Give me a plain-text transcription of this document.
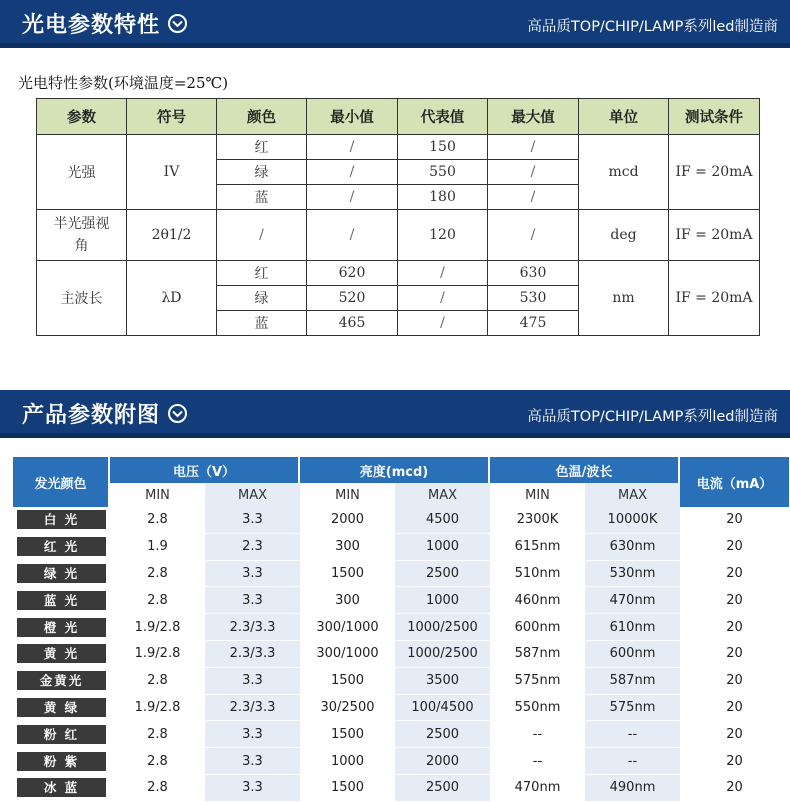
光电参数特性	高品质TOP/CHIP/LAMP系列led制造商
光电特性参数(环境温度=25℃)
参数	符号	颜色	最小值	代表值	最大值	单位	测试条件
光强	IV	红	/	150	/	mcd	IF = 20mA
		绿	/	550	/		
		蓝	/	180	/		
半光强视角	2θ1/2	/	/	120	/	deg	IF = 20mA
主波长	λD	红	620	/	630	nm	IF = 20mA
		绿	520	/	530		
		蓝	465	/	475		
产品参数附图	高品质TOP/CHIP/LAMP系列led制造商
发光颜色	电压（V）		亮度(mcd)		色温/波长		电流（mA）
	MIN	MAX	MIN	MAX	MIN	MAX	

白 光	2.8	3.3	2000	4500	2300K	10000K	20

红 光	1.9	2.3	300	1000	615nm	630nm	20

绿 光	2.8	3.3	1500	2500	510nm	530nm	20

蓝 光	2.8	3.3	300	1000	460nm	470nm	20

橙 光	1.9/2.8	2.3/3.3	300/1000	1000/2500	600nm	610nm	20

黄 光	1.9/2.8	2.3/3.3	300/1000	1000/2500	587nm	600nm	20

金黄光	2.8	3.3	1500	3500	575nm	587nm	20

黄 绿	1.9/2.8	2.3/3.3	30/2500	100/4500	550nm	575nm	20

粉 红	2.8	3.3	1500	2500	--	--	20

粉 紫	2.8	3.3	1000	2000	--	--	20

冰 蓝	2.8	3.3	1500	2500	470nm	490nm	20
